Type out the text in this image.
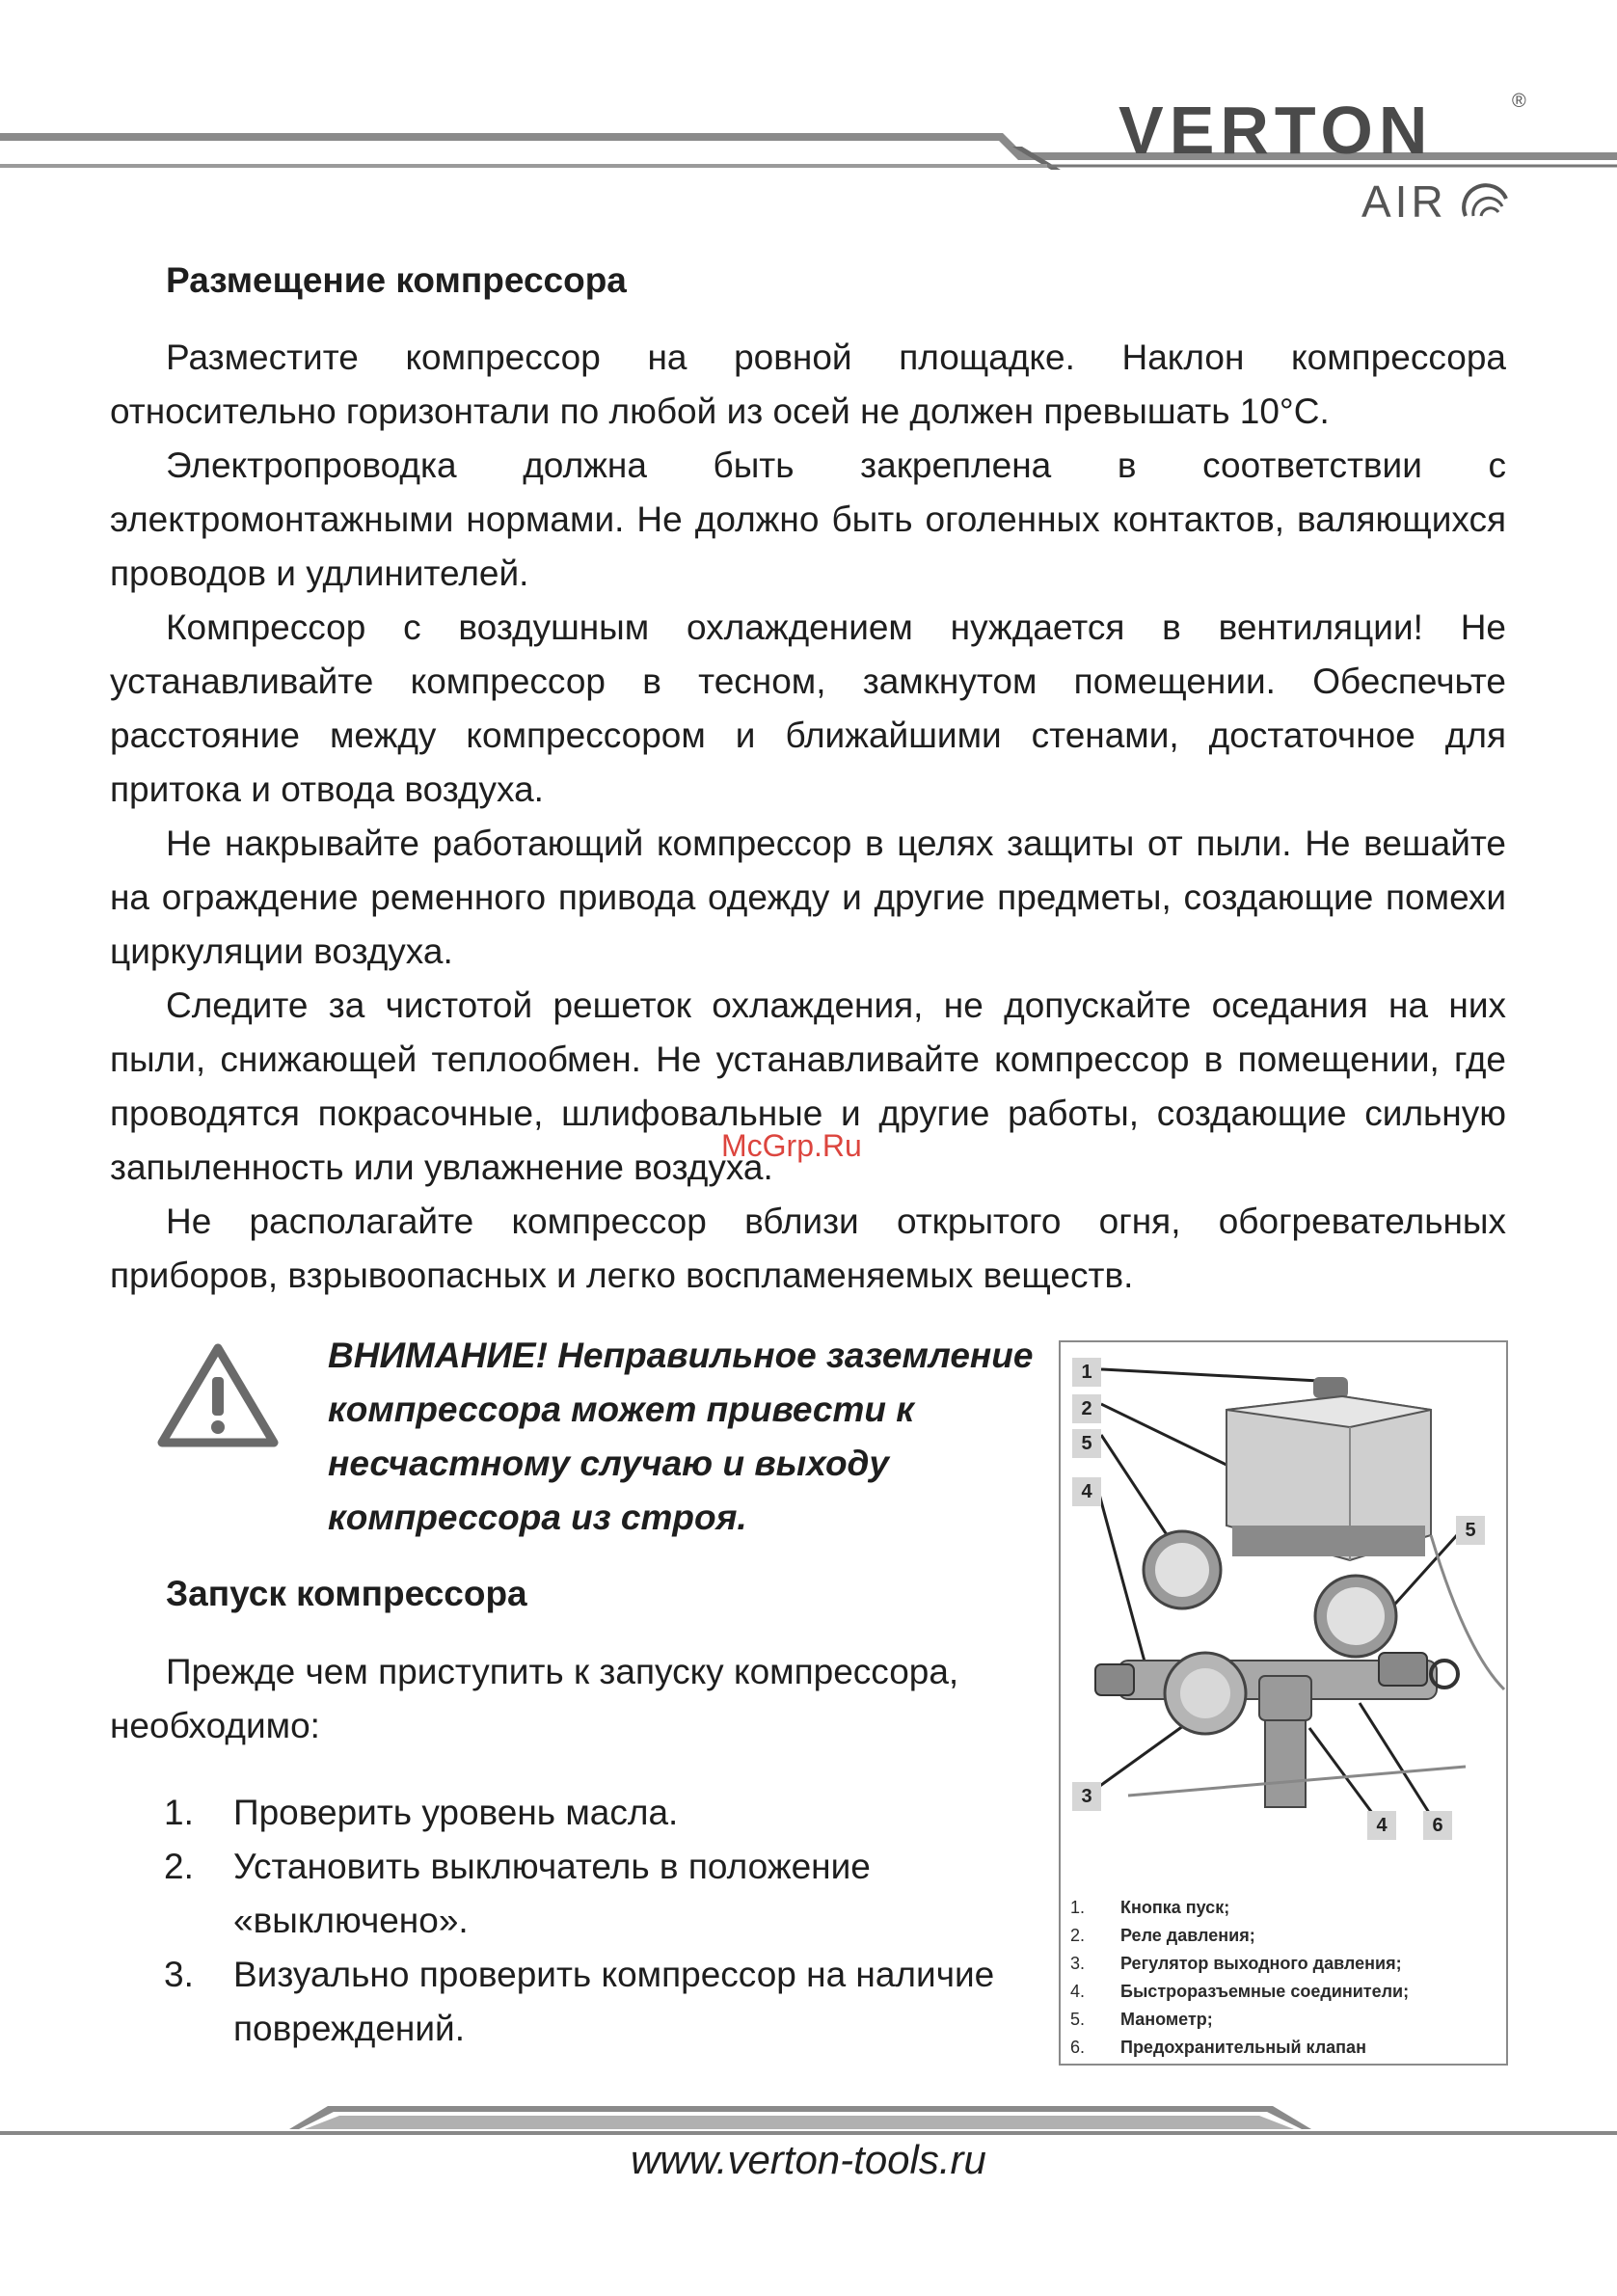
VERTON	®
AIR
Размещение компрессора
Разместите компрессор на ровной площадке. Наклон компрессора относительно горизонтали по любой из осей не должен превышать 10°С.
Электропроводка должна быть закреплена в соответствии с электромонтажными нормами. Не должно быть оголенных контактов, валяющихся проводов и удлинителей.
Компрессор с воздушным охлаждением нуждается в вентиляции! Не устанавливайте компрессор в тесном, замкнутом помещении. Обеспечьте расстояние между компрессором и ближайшими стенами, достаточное для притока и отвода воздуха.
Не накрывайте работающий компрессор в целях защиты от пыли. Не вешайте на ограждение ременного привода одежду и другие предметы, создающие помехи циркуляции воздуха.
Следите за чистотой решеток охлаждения, не допускайте оседания на них пыли, снижающей теплообмен. Не устанавливайте компрессор в помещении, где проводятся покрасочные, шлифовальные и другие работы, создающие сильную запыленность или увлажнение воздуха.
Не располагайте компрессор вблизи открытого огня, обогревательных приборов, взрывоопасных и легко воспламеняемых веществ.
McGrp.Ru
ВНИМАНИЕ! Неправильное заземление компрессора может привести к несчастному случаю и выходу компрессора из строя.
Запуск компрессора
Прежде чем приступить к запуску компрессора, необходимо:
1. Проверить уровень масла.
2. Установить выключатель в положение «выключено».
3. Визуально проверить компрессор на наличие повреждений.
1
2
5
4
5
3
4	6
1. Кнопка пуск;
2. Реле давления;
3. Регулятор выходного давления;
4. Быстроразъемные соединители;
5. Манометр;
6. Предохранительный клапан
www.verton-tools.ru
